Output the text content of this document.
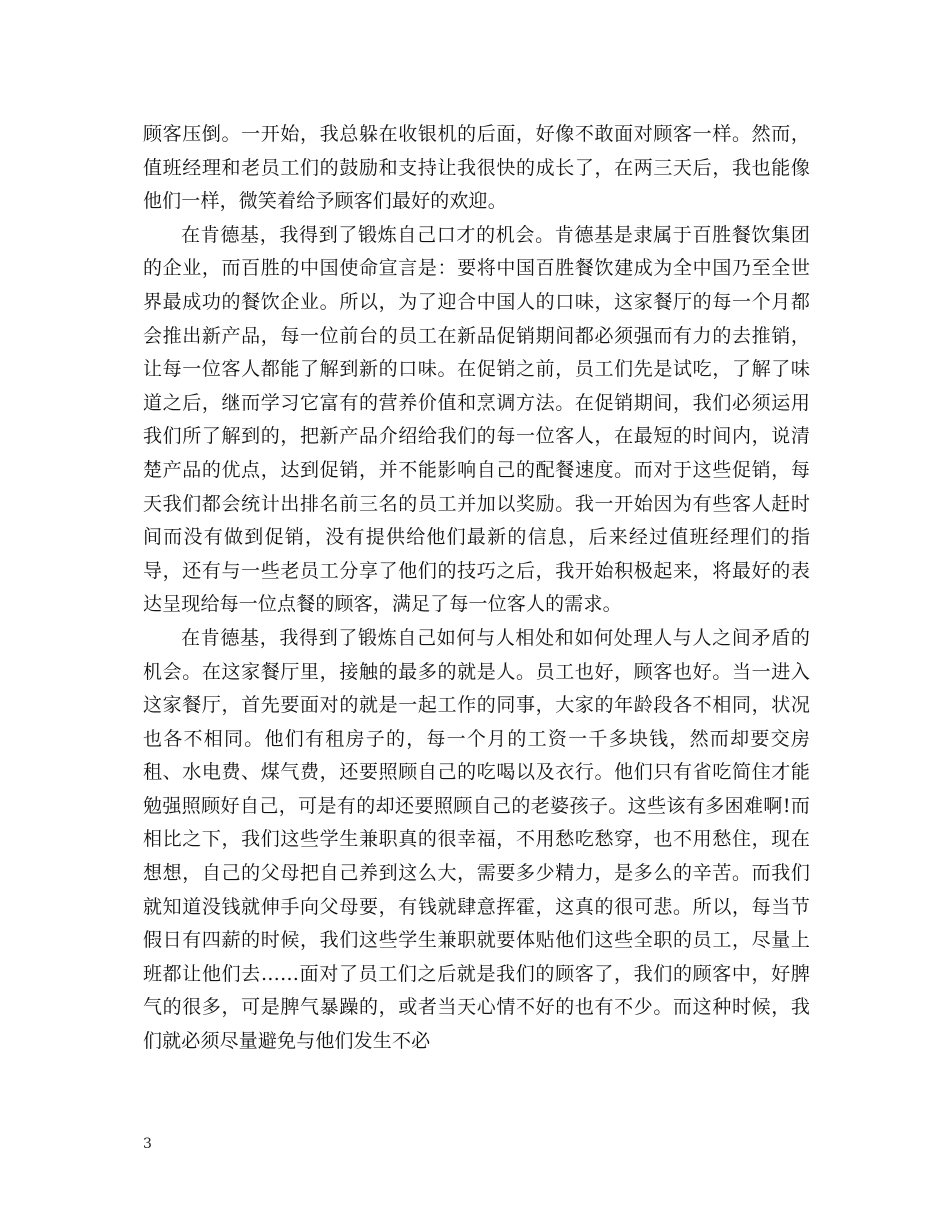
顾客压倒。一开始，我总躲在收银机的后面，好像不敢面对顾客一样。然而，值班经理和老员工们的鼓励和支持让我很快的成长了，在两三天后，我也能像他们一样，微笑着给予顾客们最好的欢迎。

在肯德基，我得到了锻炼自己口才的机会。肯德基是隶属于百胜餐饮集团的企业，而百胜的中国使命宣言是：要将中国百胜餐饮建成为全中国乃至全世界最成功的餐饮企业。所以，为了迎合中国人的口味，这家餐厅的每一个月都会推出新产品，每一位前台的员工在新品促销期间都必须强而有力的去推销，让每一位客人都能了解到新的口味。在促销之前，员工们先是试吃，了解了味道之后，继而学习它富有的营养价值和烹调方法。在促销期间，我们必须运用我们所了解到的，把新产品介绍给我们的每一位客人，在最短的时间内，说清楚产品的优点，达到促销，并不能影响自己的配餐速度。而对于这些促销，每天我们都会统计出排名前三名的员工并加以奖励。我一开始因为有些客人赶时间而没有做到促销，没有提供给他们最新的信息，后来经过值班经理们的指导，还有与一些老员工分享了他们的技巧之后，我开始积极起来，将最好的表达呈现给每一位点餐的顾客，满足了每一位客人的需求。

在肯德基，我得到了锻炼自己如何与人相处和如何处理人与人之间矛盾的机会。在这家餐厅里，接触的最多的就是人。员工也好，顾客也好。当一进入这家餐厅，首先要面对的就是一起工作的同事，大家的年龄段各不相同，状况也各不相同。他们有租房子的，每一个月的工资一千多块钱，然而却要交房租、水电费、煤气费，还要照顾自己的吃喝以及衣行。他们只有省吃简住才能勉强照顾好自己，可是有的却还要照顾自己的老婆孩子。这些该有多困难啊!而相比之下，我们这些学生兼职真的很幸福，不用愁吃愁穿，也不用愁住，现在想想，自己的父母把自己养到这么大，需要多少精力，是多么的辛苦。而我们就知道没钱就伸手向父母要，有钱就肆意挥霍，这真的很可悲。所以，每当节假日有四薪的时候，我们这些学生兼职就要体贴他们这些全职的员工，尽量上班都让他们去……面对了员工们之后就是我们的顾客了，我们的顾客中，好脾气的很多，可是脾气暴躁的，或者当天心情不好的也有不少。而这种时候，我们就必须尽量避免与他们发生不必

3
